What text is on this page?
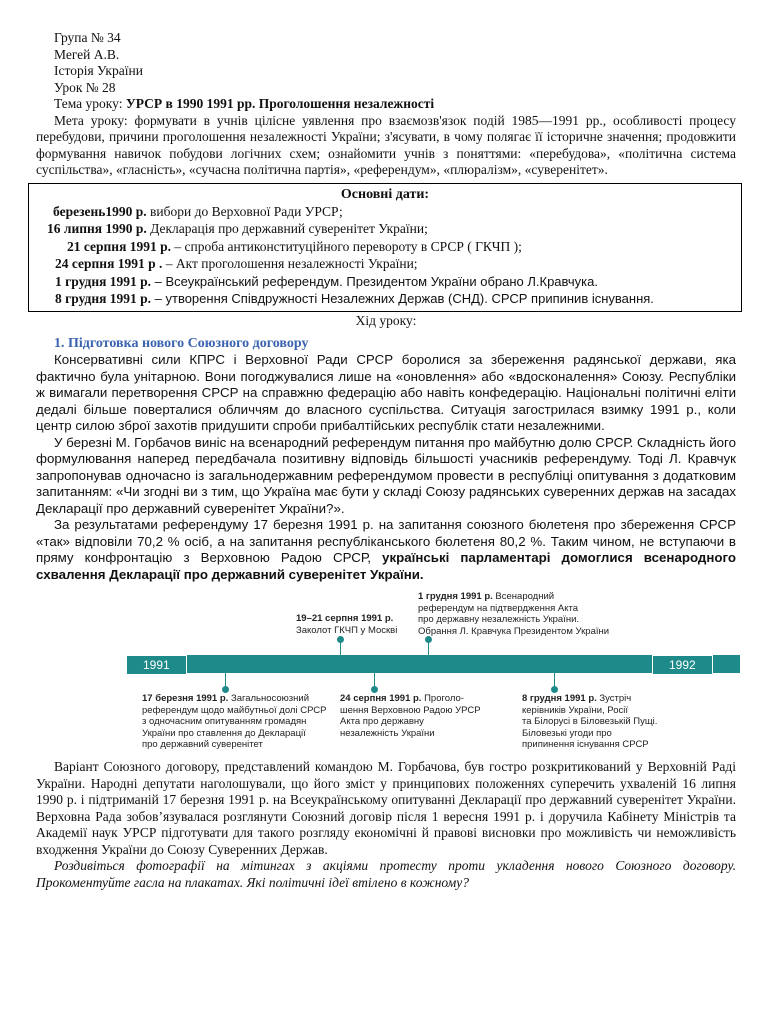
Група № 34
Мегей А.В.
Історія України
Урок № 28
Тема уроку: УРСР в 1990 1991 рр. Проголошення незалежності

Мета уроку: формувати в учнів цілісне уявлення про взаємозв'язок подій 1985—1991 рр., особливості процесу перебудови, причини проголошення незалежності України; з'ясувати, в чому полягає її історичне значення; продовжити формування навичок побудови логічних схем; ознайомити учнів з поняттями: «перебудова», «політична система суспільства», «гласність», «сучасна політична партія», «референдум», «плюралізм», «суверенітет».

Основні дати:
березень1990 р. вибори до Верховної Ради УРСР;
16 липня 1990 р. Декларація про державний суверенітет України;
21 серпня 1991 р. – спроба антиконституційного перевороту в СРСР ( ГКЧП );
24 серпня 1991 р . – Акт проголошення незалежності України;
1 грудня 1991 р. – Всеукраїнський референдум. Президентом України обрано Л.Кравчука.
8 грудня 1991 р. – утворення Співдружності Незалежних Держав (СНД). СРСР припинив існування.
Хід уроку:
1. Підготовка нового Союзного договору

Консервативні сили КПРС і Верховної Ради СРСР боролися за збереження радянської держави, яка фактично була унітарною. Вони погоджувалися лише на «оновлення» або «вдосконалення» Союзу. Республіки ж вимагали перетворення СРСР на справжню федерацію або навіть конфедерацію. Національні політичні еліти дедалі більше поверталися обличчям до власного суспільства. Ситуація загострилася взимку 1991 р., коли центр силою зброї захотів придушити спроби прибалтійських республік стати незалежними.

У березні М. Горбачов виніс на всенародний референдум питання про майбутню долю СРСР. Складність його формулювання наперед передбачала позитивну відповідь більшості учасників референдуму. Тоді Л. Кравчук запропонував одночасно із загальнодержавним референдумом провести в республіці опитування з додатковим запитанням: «Чи згодні ви з тим, що Україна має бути у складі Союзу радянських суверенних держав на засадах Декларації про державний суверенітет України?».

За результатами референдуму 17 березня 1991 р. на запитання союзного бюлетеня про збереження СРСР «так» відповіли 70,2 % осіб, а на запитання республіканського бюлетеня 80,2 %. Таким чином, не вступаючи в пряму конфронтацію з Верховною Радою СРСР, українські парламентарі домоглися всенародного схвалення Декларації про державний суверенітет України.

1991	1992
19–21 серпня 1991 р.
Заколот ГКЧП у Москві
1 грудня 1991 р. Всенародний
референдум на підтвердження Акта
про державну незалежність України.
Обрання Л. Кравчука Президентом України
17 березня 1991 р. Загальносоюзний
референдум щодо майбутньої долі СРСР
з одночасним опитуванням громадян
України про ставлення до Декларації
про державний суверенітет
24 серпня 1991 р. Проголо-
шення Верховною Радою УРСР
Акта про державну
незалежність України
8 грудня 1991 р. Зустріч
керівників України, Росії
та Білорусі в Біловезькій Пущі.
Біловезькі угоди про
припинення існування СРСР

Варіант Союзного договору, представлений командою М. Горбачова, був гостро розкритикований у Верховній Раді України. Народні депутати наголошували, що його зміст у принципових положеннях суперечить ухваленій 16 липня 1990 р. і підтриманій 17 березня 1991 р. на Всеукраїнському опитуванні Декларації про державний суверенітет України. Верховна Рада зобов’язувалася розглянути Союзний договір після 1 вересня 1991 р. і доручила Кабінету Міністрів та Академії наук УРСР підготувати для такого розгляду економічні й правові висновки про можливість чи неможливість входження України до Союзу Суверенних Держав.

Роздивіться фотографії на мітингах з акціями протесту проти укладення нового Союзного договору. Прокоментуйте гасла на плакатах. Які політичні ідеї втілено в кожному?
